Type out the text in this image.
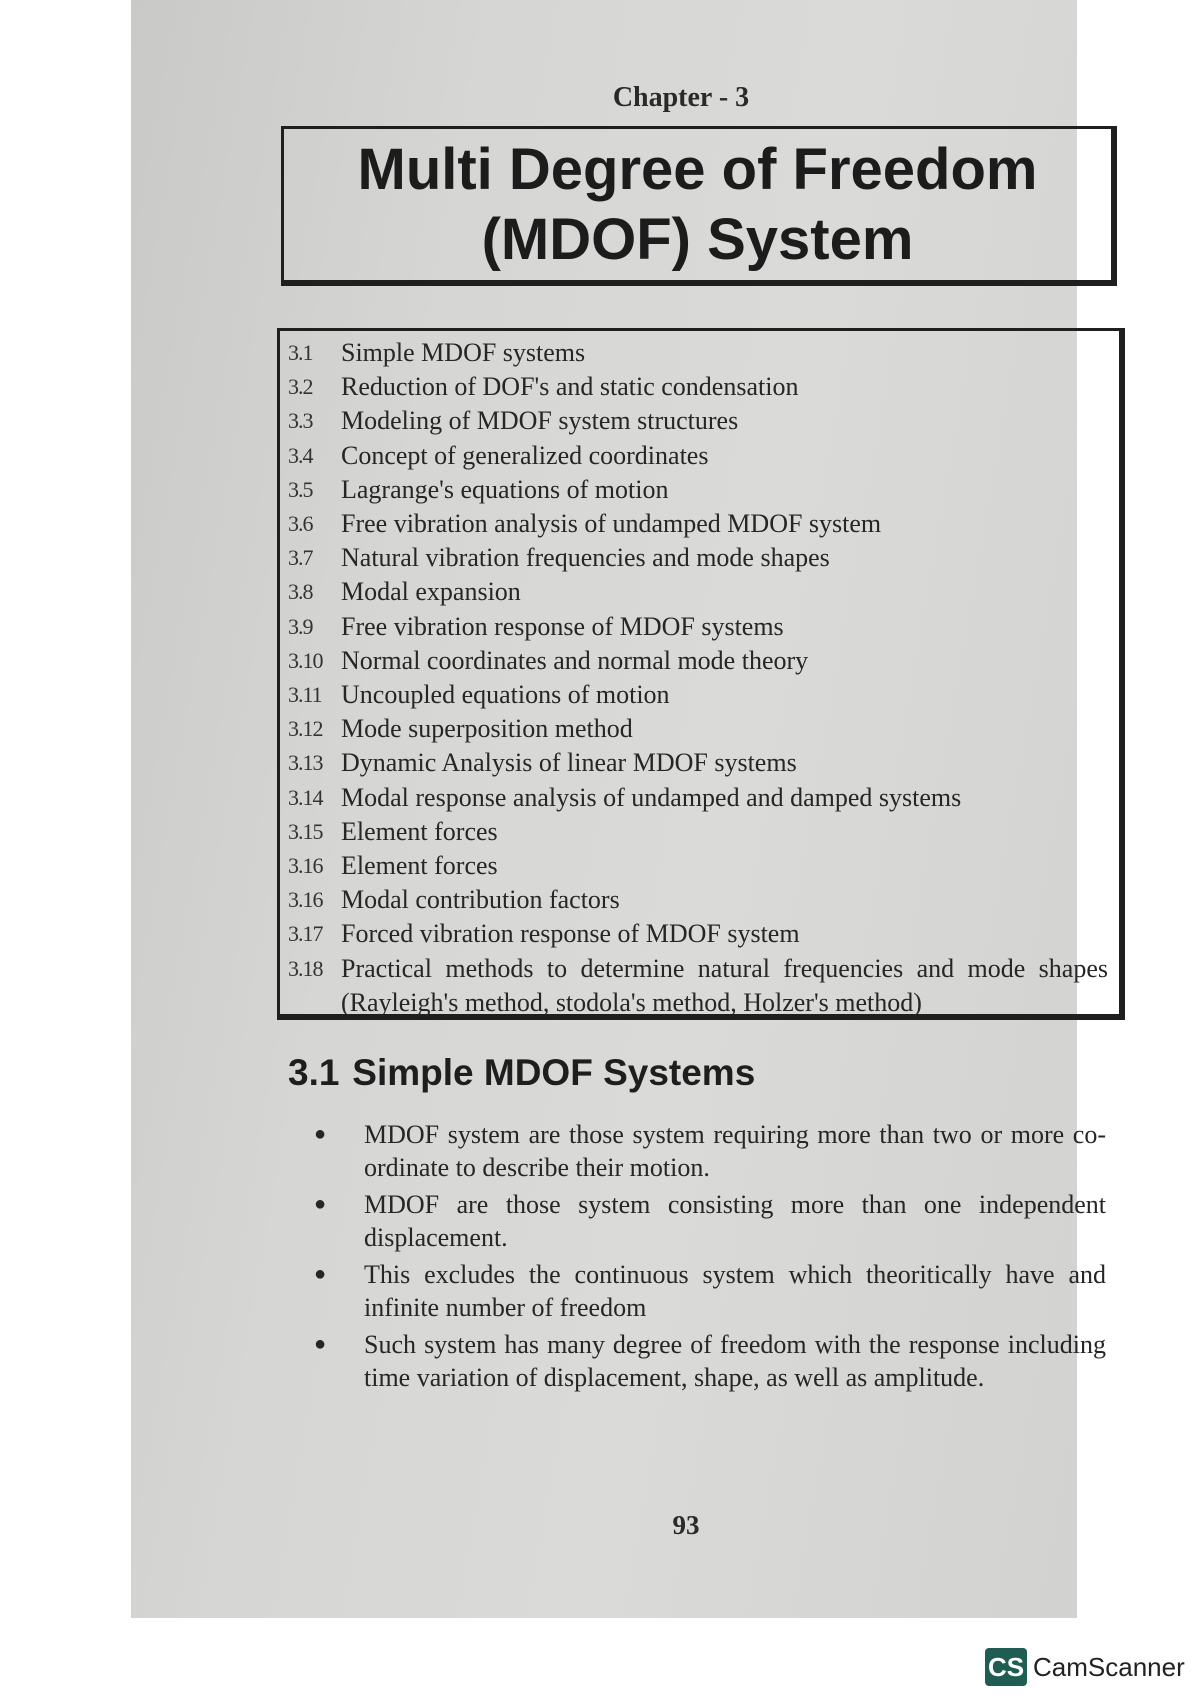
Chapter - 3
Multi Degree of Freedom
(MDOF) System
3.1	Simple MDOF systems
3.2	Reduction of DOF's and static condensation
3.3	Modeling of MDOF system structures
3.4	Concept of generalized coordinates
3.5	Lagrange's equations of motion
3.6	Free vibration analysis of undamped MDOF system
3.7	Natural vibration frequencies and mode shapes
3.8	Modal expansion
3.9	Free vibration response of MDOF systems
3.10 Normal coordinates and normal mode theory
3.11 Uncoupled equations of motion
3.12 Mode superposition method
3.13 Dynamic Analysis of linear MDOF systems
3.14 Modal response analysis of undamped and damped systems
3.15 Element forces
3.16 Element forces
3.16 Modal contribution factors
3.17 Forced vibration response of MDOF system
3.18 Practical methods to determine natural frequencies and mode shapes (Rayleigh's method, stodola's method, Holzer's method)
3.1 Simple MDOF Systems
●	MDOF system are those system requiring more than two or more co-ordinate to describe their motion.
●	MDOF are those system consisting more than one independent displacement.
●	This excludes the continuous system which theoritically have and infinite number of freedom
●	Such system has many degree of freedom with the response including time variation of displacement, shape, as well as amplitude.
93
CS CamScanner
